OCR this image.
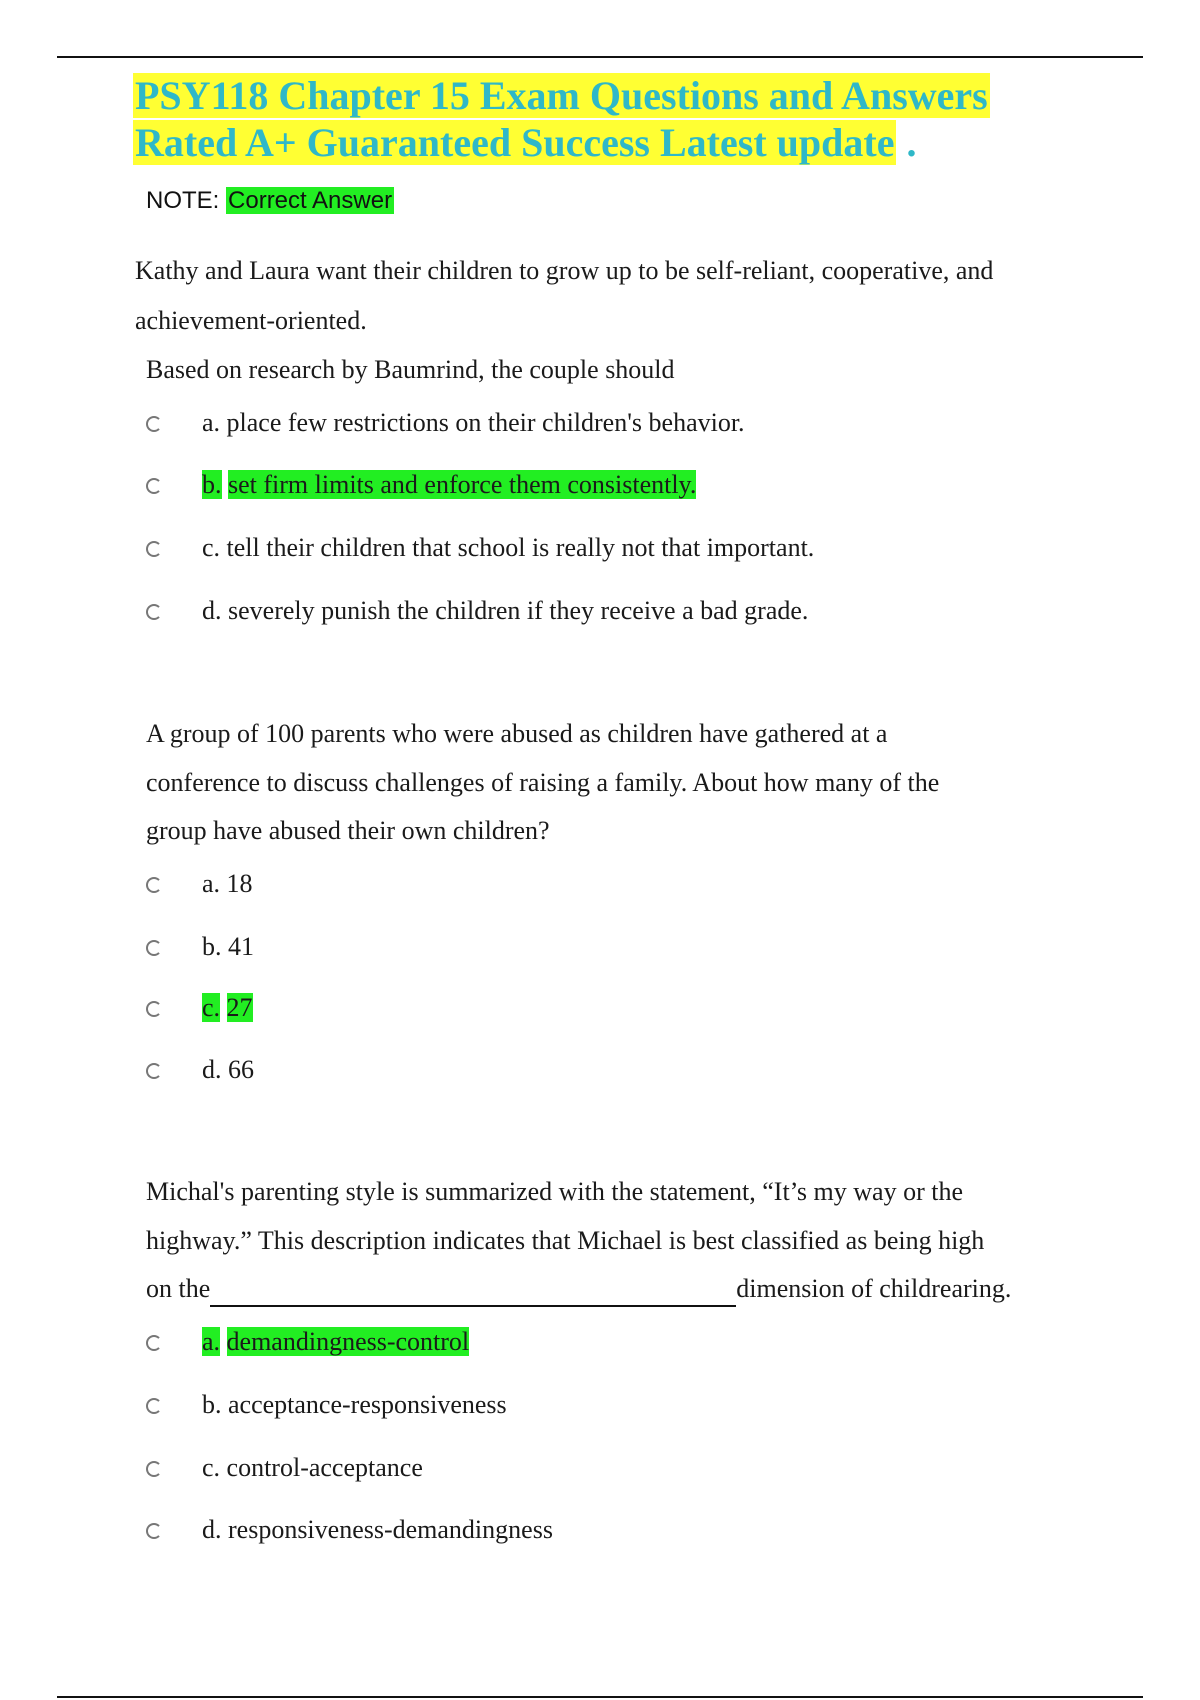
PSY118 Chapter 15 Exam Questions and Answers
Rated A+ Guaranteed Success Latest update .
NOTE: Correct Answer
Kathy and Laura want their children to grow up to be self-reliant, cooperative, and
achievement-oriented.
Based on research by Baumrind, the couple should
a. place few restrictions on their children's behavior.
b. set firm limits and enforce them consistently.
c. tell their children that school is really not that important.
d. severely punish the children if they receive a bad grade.
A group of 100 parents who were abused as children have gathered at a
conference to discuss challenges of raising a family. About how many of the
group have abused their own children?
a. 18
b. 41
c. 27
d. 66
Michal's parenting style is summarized with the statement, “It’s my way or the
highway.” This description indicates that Michael is best classified as being high
on the	dimension of childrearing.
a. demandingness-control
b. acceptance-responsiveness
c. control-acceptance
d. responsiveness-demandingness
